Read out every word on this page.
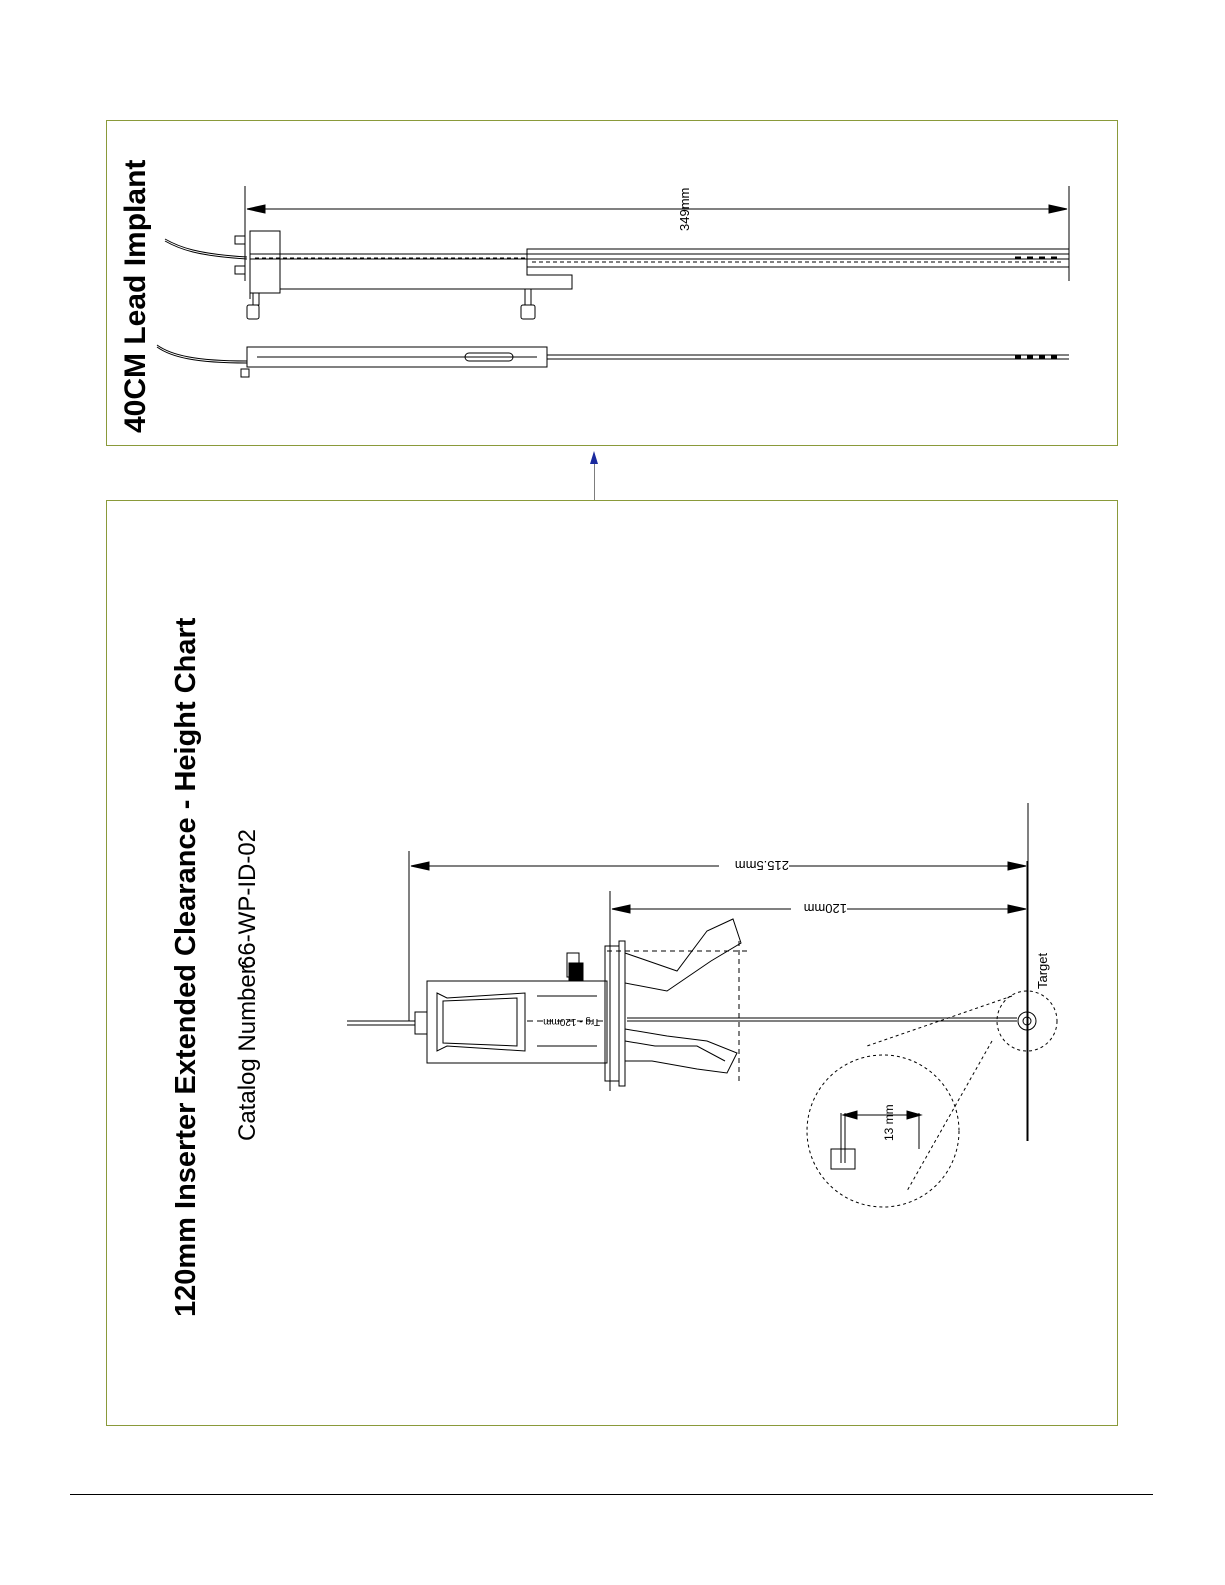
40CM Lead Implant	349mm
120mm Inserter Extended Clearance - Height Chart Catalog Number:
66-WP-ID-02	215.5mm
120mm
Trg - 120mm
13 mm
Target
